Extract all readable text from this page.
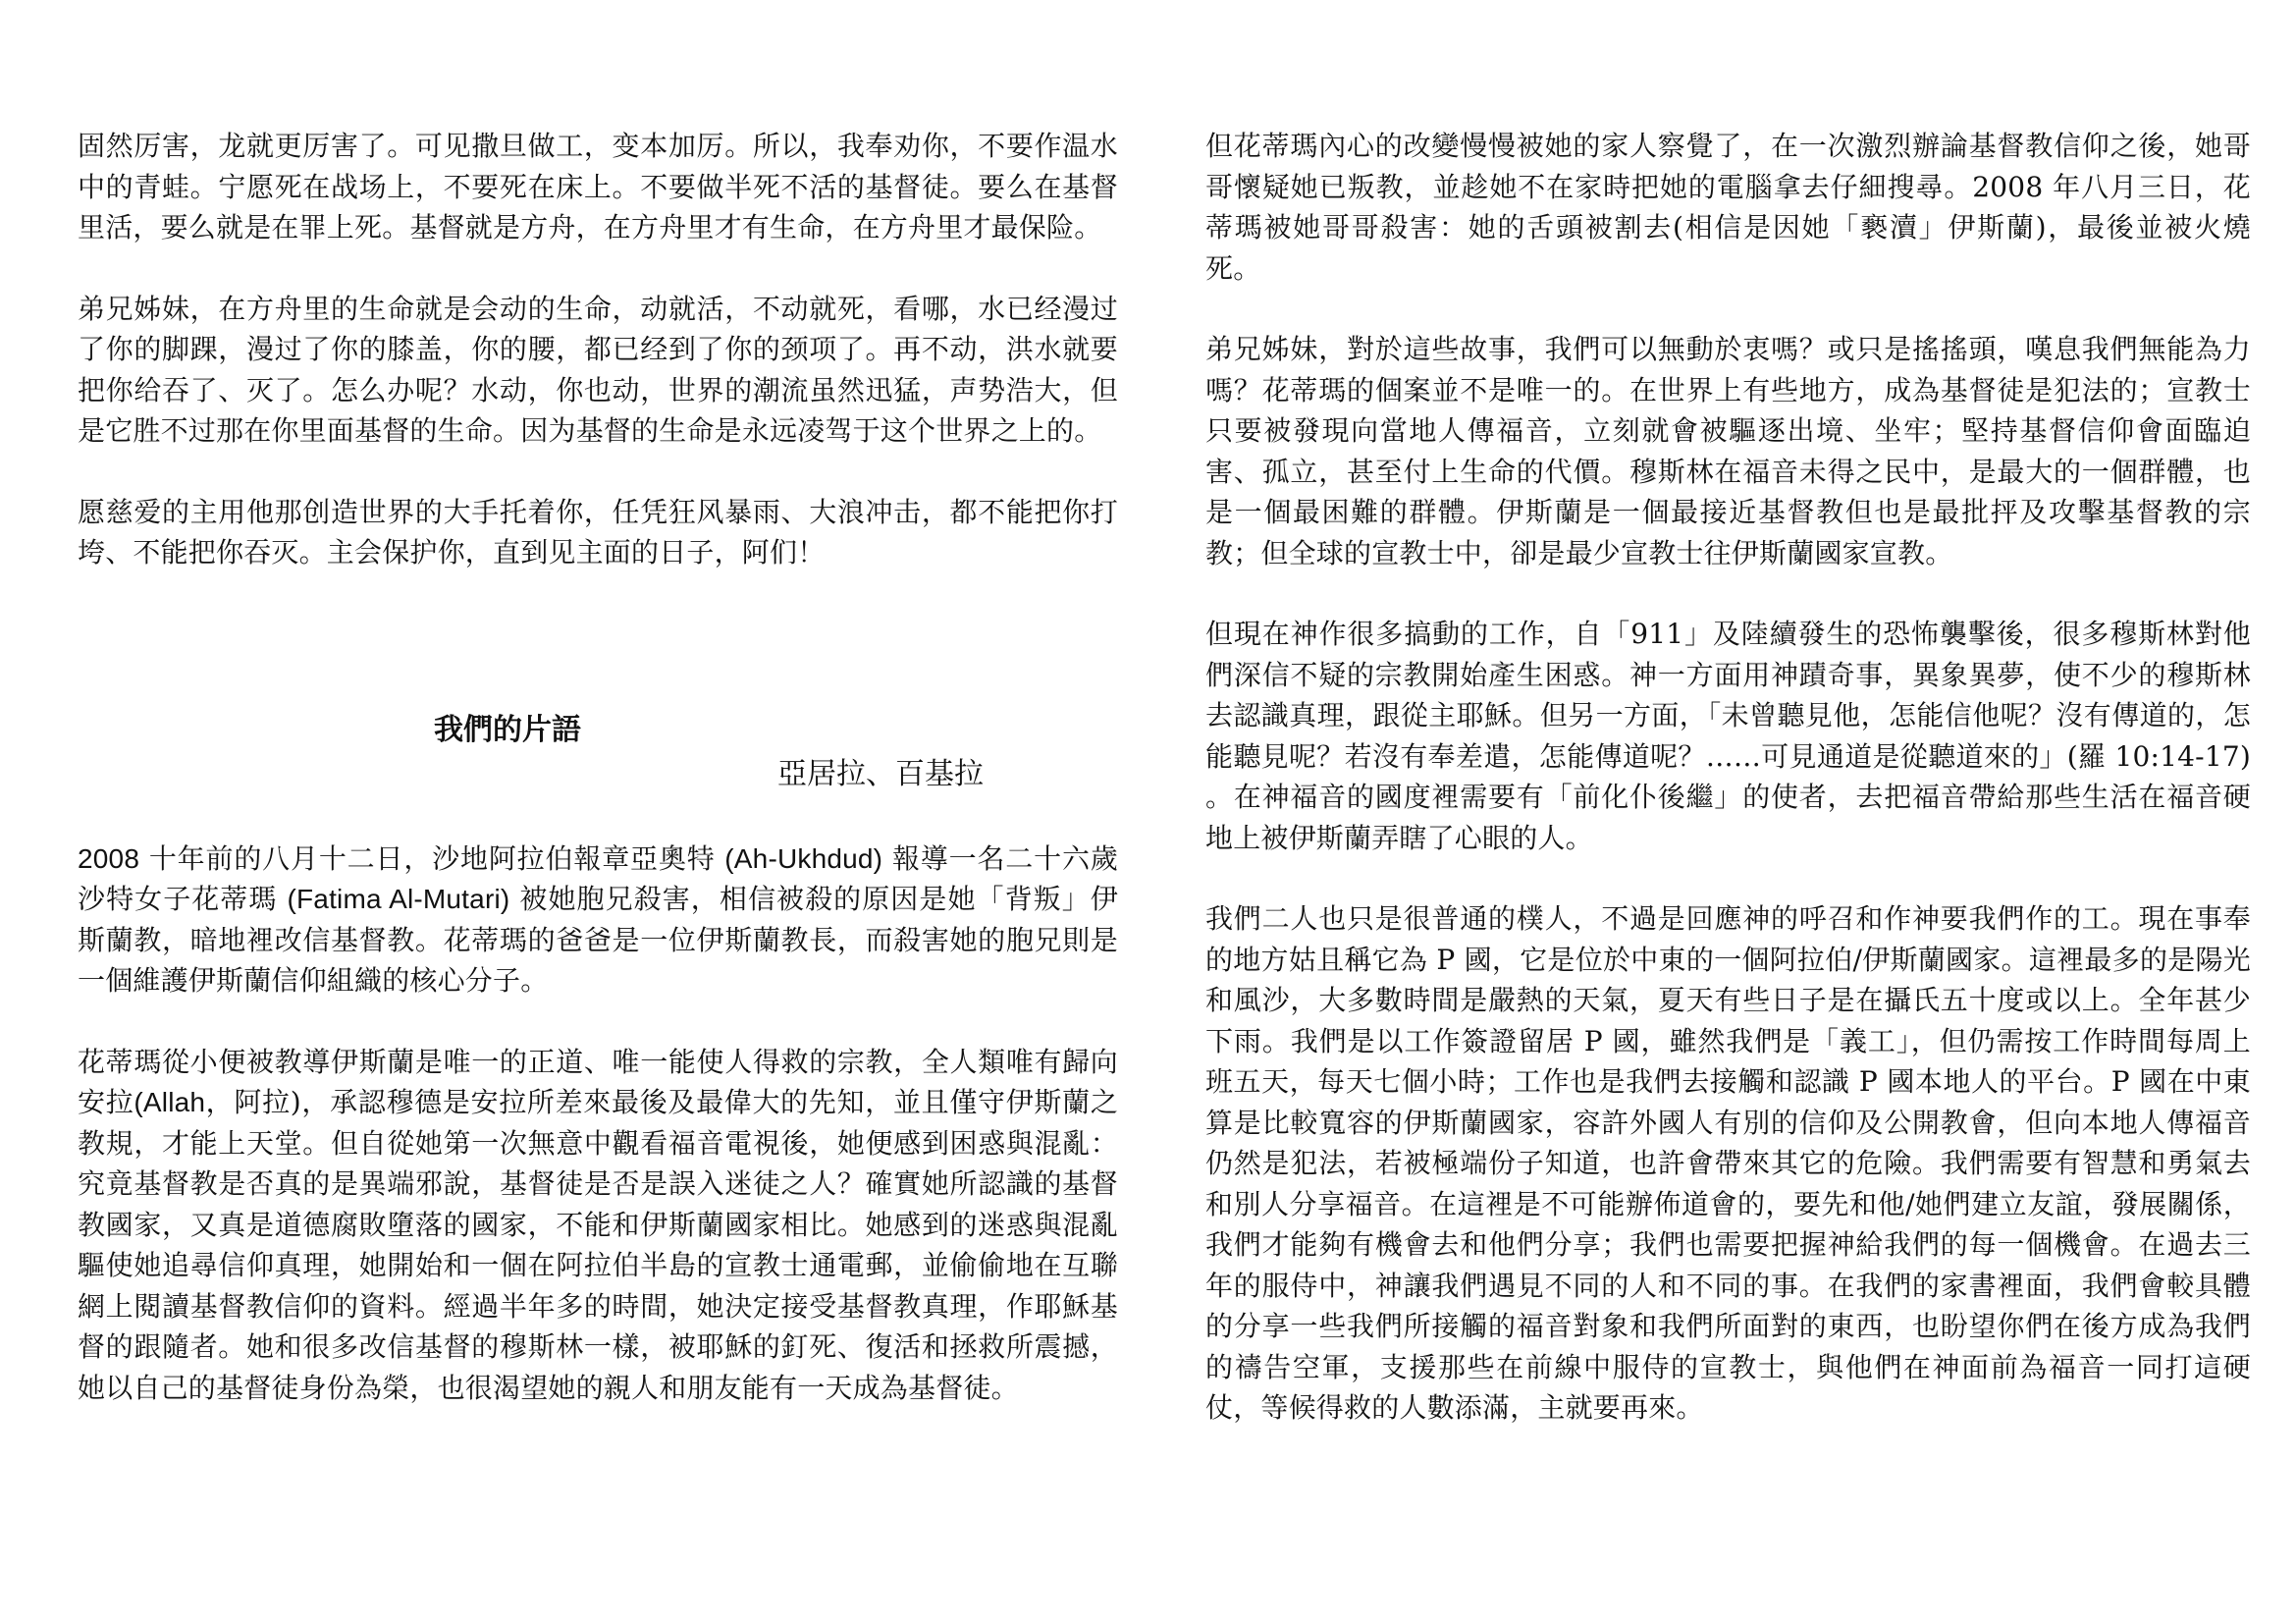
固然厉害，龙就更厉害了。可见撒旦做工，变本加厉。所以，我奉劝你，不要作温水中的青蛙。宁愿死在战场上，不要死在床上。不要做半死不活的基督徒。要么在基督里活，要么就是在罪上死。基督就是方舟，在方舟里才有生命，在方舟里才最保险。

弟兄姊妹，在方舟里的生命就是会动的生命，动就活，不动就死，看哪，水已经漫过了你的脚踝，漫过了你的膝盖，你的腰，都已经到了你的颈项了。再不动，洪水就要把你给吞了、灭了。怎么办呢？水动，你也动，世界的潮流虽然迅猛，声势浩大，但是它胜不过那在你里面基督的生命。因为基督的生命是永远凌驾于这个世界之上的。

愿慈爱的主用他那创造世界的大手托着你，任凭狂风暴雨、大浪冲击，都不能把你打垮、不能把你吞灭。主会保护你，直到见主面的日子，阿们！

我們的片語

亞居拉、百基拉

2008 十年前的八月十二日，沙地阿拉伯報章亞奧特 (Ah-Ukhdud) 報導一名二十六歲沙特女子花蒂瑪 (Fatima Al-Mutari) 被她胞兄殺害，相信被殺的原因是她「背叛」伊斯蘭教，暗地裡改信基督教。花蒂瑪的爸爸是一位伊斯蘭教長，而殺害她的胞兄則是一個維護伊斯蘭信仰組織的核心分子。

花蒂瑪從小便被教導伊斯蘭是唯一的正道、唯一能使人得救的宗教，全人類唯有歸向安拉(Allah，阿拉)，承認穆德是安拉所差來最後及最偉大的先知，並且僅守伊斯蘭之教規，才能上天堂。但自從她第一次無意中觀看福音電視後，她便感到困惑與混亂：究竟基督教是否真的是異端邪說，基督徒是否是誤入迷徒之人？確實她所認識的基督教國家，又真是道德腐敗墮落的國家，不能和伊斯蘭國家相比。她感到的迷惑與混亂驅使她追尋信仰真理，她開始和一個在阿拉伯半島的宣教士通電郵，並偷偷地在互聯網上閱讀基督教信仰的資料。經過半年多的時間，她決定接受基督教真理，作耶穌基督的跟隨者。她和很多改信基督的穆斯林一樣，被耶穌的釘死、復活和拯救所震撼，她以自己的基督徒身份為榮，也很渴望她的親人和朋友能有一天成為基督徒。

但花蒂瑪內心的改變慢慢被她的家人察覺了，在一次激烈辦論基督教信仰之後，她哥哥懷疑她已叛教，並趁她不在家時把她的電腦拿去仔細搜尋。2008 年八月三日，花蒂瑪被她哥哥殺害：她的舌頭被割去(相信是因她「褻瀆」伊斯蘭)，最後並被火燒死。

弟兄姊妹，對於這些故事，我們可以無動於衷嗎？或只是搖搖頭，嘆息我們無能為力嗎？花蒂瑪的個案並不是唯一的。在世界上有些地方，成為基督徒是犯法的；宣教士只要被發現向當地人傳福音，立刻就會被驅逐出境、坐牢；堅持基督信仰會面臨迫害、孤立，甚至付上生命的代價。穆斯林在福音未得之民中，是最大的一個群體，也是一個最困難的群體。伊斯蘭是一個最接近基督教但也是最批抨及攻擊基督教的宗教；但全球的宣教士中，卻是最少宣教士往伊斯蘭國家宣教。

但現在神作很多搞動的工作，自「911」及陸續發生的恐怖襲擊後，很多穆斯林對他們深信不疑的宗教開始產生困惑。神一方面用神蹟奇事，異象異夢，使不少的穆斯林去認識真理，跟從主耶穌。但另一方面，「未曾聽見他，怎能信他呢？沒有傳道的，怎能聽見呢？若沒有奉差遣，怎能傳道呢？……可見通道是從聽道來的」(羅 10:14-17) 。在神福音的國度裡需要有「前化仆後繼」的使者，去把福音帶給那些生活在福音硬地上被伊斯蘭弄瞎了心眼的人。

我們二人也只是很普通的樸人，不過是回應神的呼召和作神要我們作的工。現在事奉的地方姑且稱它為 P 國，它是位於中東的一個阿拉伯/伊斯蘭國家。這裡最多的是陽光和風沙，大多數時間是嚴熱的天氣，夏天有些日子是在攝氏五十度或以上。全年甚少下雨。我們是以工作簽證留居 P 國，雖然我們是「義工」，但仍需按工作時間每周上班五天，每天七個小時；工作也是我們去接觸和認識 P 國本地人的平台。P 國在中東算是比較寬容的伊斯蘭國家，容許外國人有別的信仰及公開教會，但向本地人傳福音仍然是犯法，若被極端份子知道，也許會帶來其它的危險。我們需要有智慧和勇氣去和別人分享福音。在這裡是不可能辦佈道會的，要先和他/她們建立友誼，發展關係，我們才能夠有機會去和他們分享；我們也需要把握神給我們的每一個機會。在過去三年的服侍中，神讓我們遇見不同的人和不同的事。在我們的家書裡面，我們會較具體的分享一些我們所接觸的福音對象和我們所面對的東西，也盼望你們在後方成為我們的禱告空軍，支援那些在前線中服侍的宣教士，與他們在神面前為福音一同打這硬仗，等候得救的人數添滿，主就要再來。
